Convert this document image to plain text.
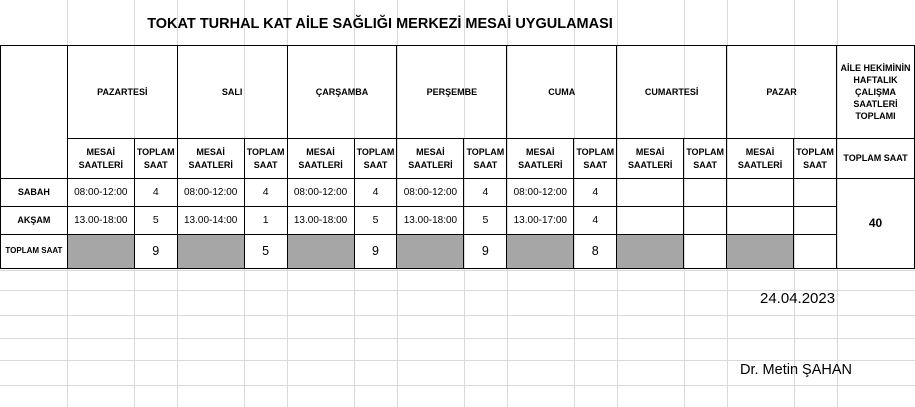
TOKAT TURHAL KAT AİLE SAĞLIĞI MERKEZİ MESAİ UYGULAMASI
	PAZARTESİ		SALI		ÇARŞAMBA		PERŞEMBE		CUMA		CUMARTESİ		PAZAR		AİLE HEKİMİNİN HAFTALIK ÇALIŞMA SAATLERİ TOPLAMI
	MESAİ SAATLERİ	TOPLAM SAAT	MESAİ SAATLERİ	TOPLAM SAAT	MESAİ SAATLERİ	TOPLAM SAAT	MESAİ SAATLERİ	TOPLAM SAAT	MESAİ SAATLERİ	TOPLAM SAAT	MESAİ SAATLERİ	TOPLAM SAAT	MESAİ SAATLERİ	TOPLAM SAAT	TOPLAM SAAT
SABAH	08:00-12:00	4	08:00-12:00	4	08:00-12:00	4	08:00-12:00	4	08:00-12:00	4					40
AKŞAM	13.00-18:00	5	13.00-14:00	1	13.00-18:00	5	13.00-18:00	5	13.00-17:00	4					
TOPLAM SAAT		9		5		9		9		8					
24.04.2023
Dr. Metin ŞAHAN
